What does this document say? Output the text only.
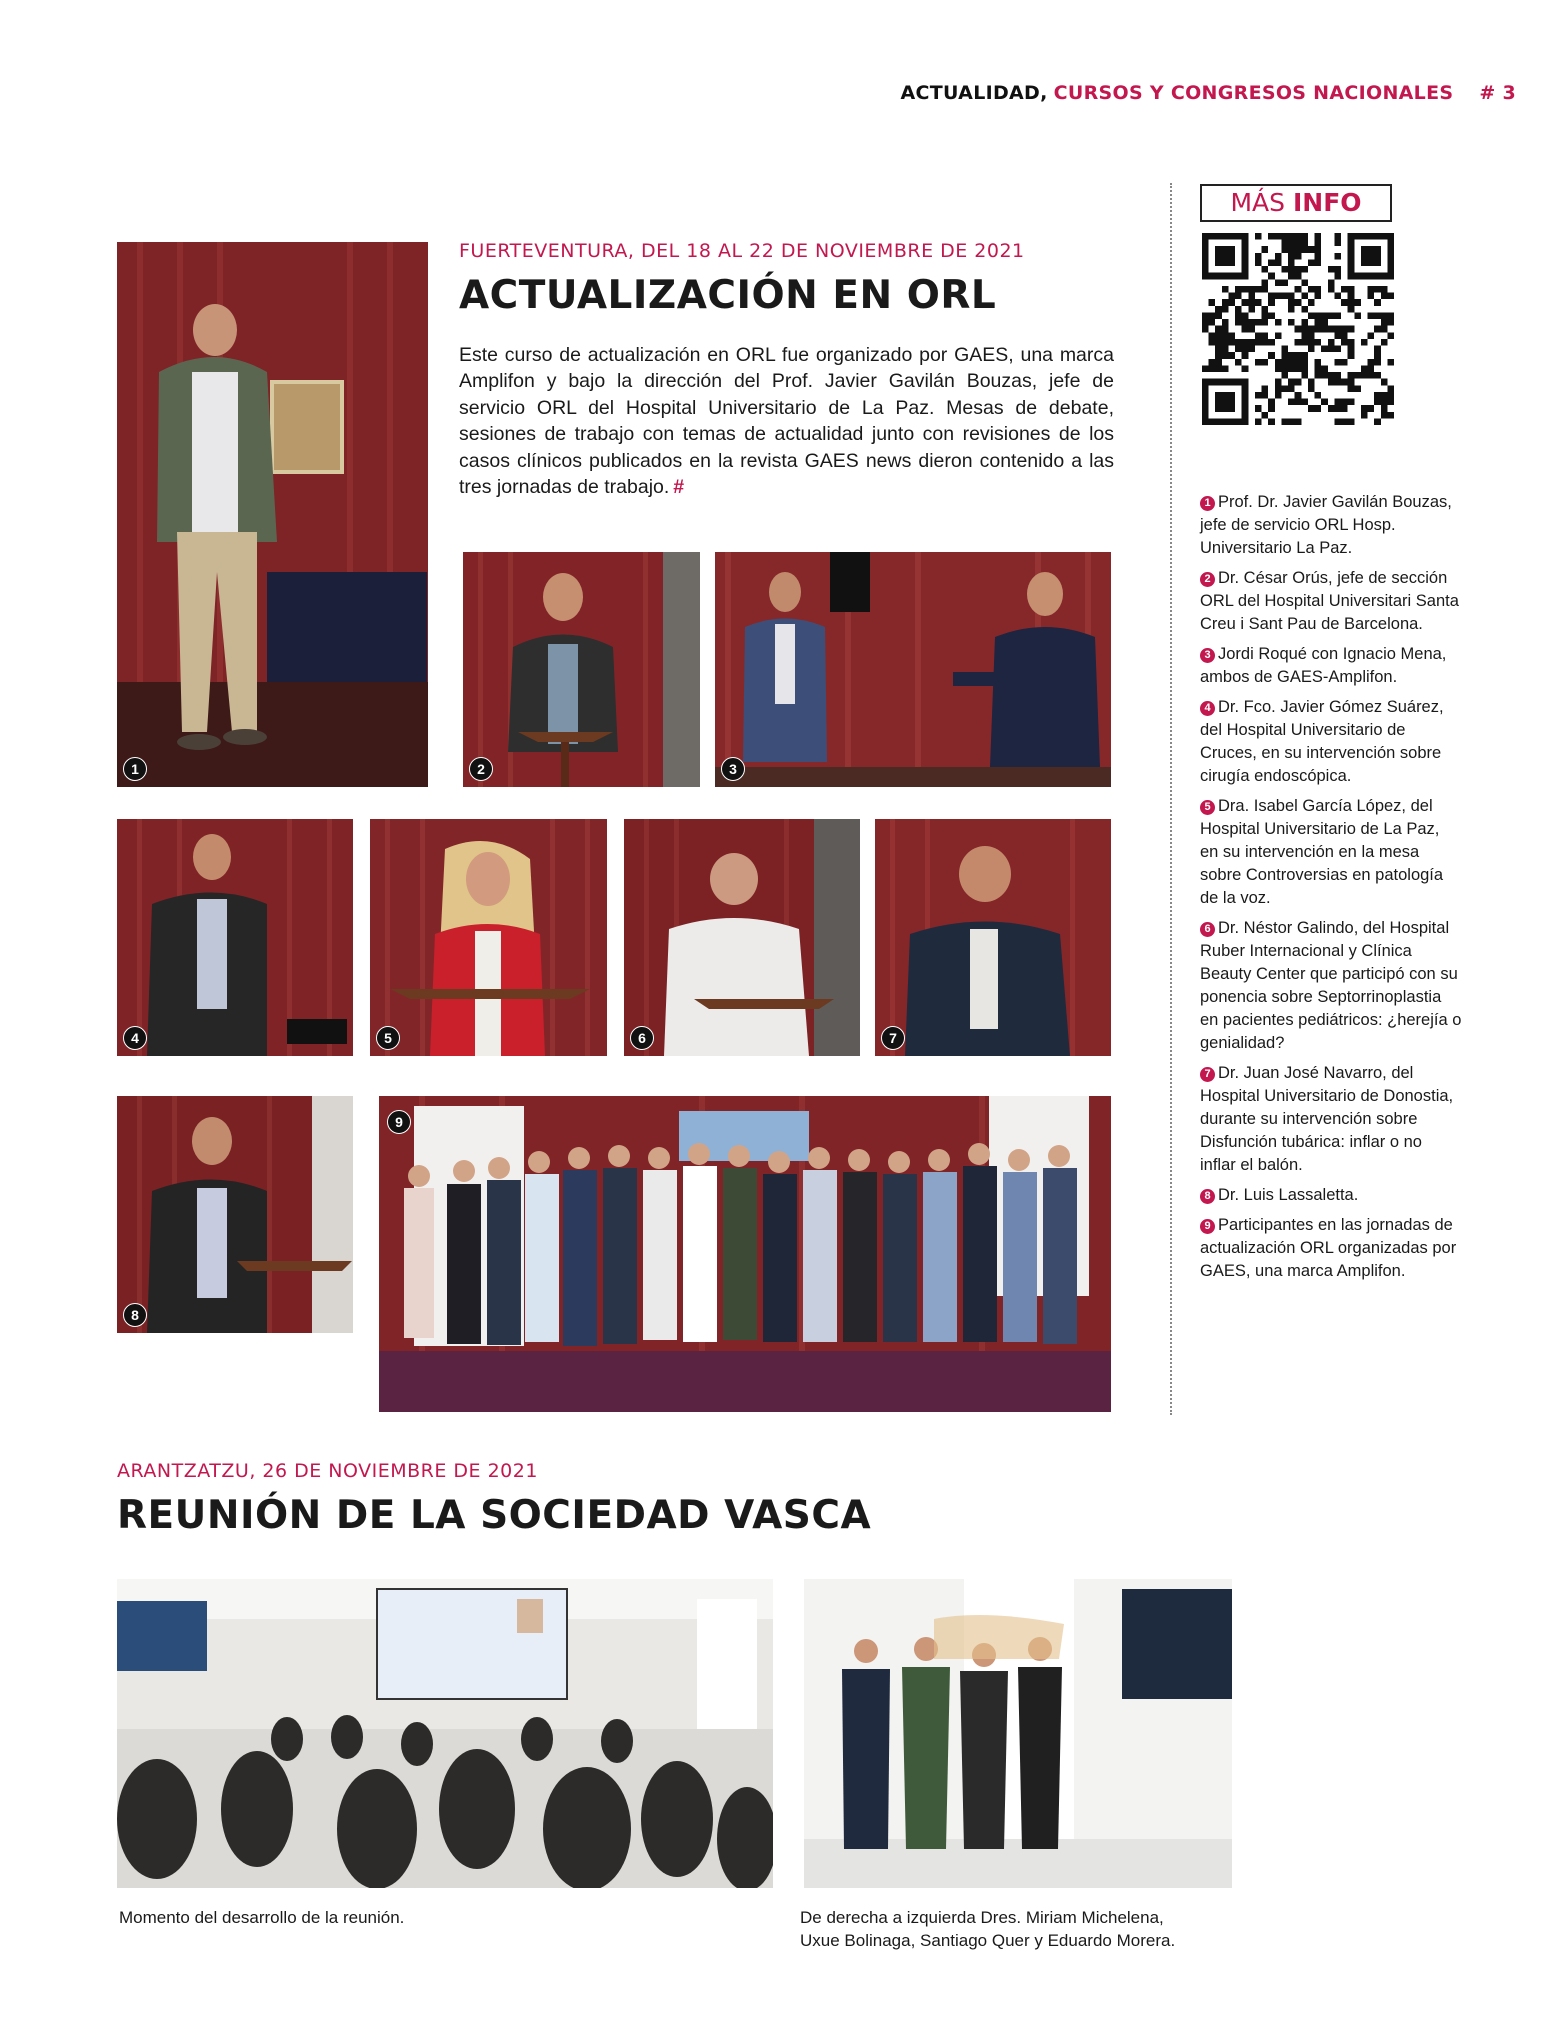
ACTUALIDAD, CURSOS Y CONGRESOS NACIONALES # 3
FUERTEVENTURA, DEL 18 AL 22 DE NOVIEMBRE DE 2021
ACTUALIZACIÓN EN ORL

Este curso de actualización en ORL fue organizado por GAES, una marca Amplifon y bajo la dirección del Prof. Javier Gavilán Bouzas, jefe de servicio ORL del Hospital Universitario de La Paz. Mesas de debate, sesiones de trabajo con temas de actualidad junto con revisiones de los casos clínicos publicados en la revista GAES news dieron contenido a las tres jornadas de trabajo. #

1	2	3
4	5	6	7
8
9
MÁS INFO
1 Prof. Dr. Javier Gavilán Bouzas, jefe de servicio ORL Hosp. Universitario La Paz.
2 Dr. César Orús, jefe de sección ORL del Hospital Universitari Santa Creu i Sant Pau de Barcelona.
3 Jordi Roqué con Ignacio Mena, ambos de GAES-Amplifon.
4 Dr. Fco. Javier Gómez Suárez, del Hospital Universitario de Cruces, en su intervención sobre cirugía endoscópica.
5 Dra. Isabel García López, del Hospital Universitario de La Paz, en su intervención en la mesa sobre Controversias en patología de la voz.
6 Dr. Néstor Galindo, del Hospital Ruber Internacional y Clínica Beauty Center que participó con su ponencia sobre Septorrinoplastia en pacientes pediátricos: ¿herejía o genialidad?
7 Dr. Juan José Navarro, del Hospital Universitario de Donostia, durante su intervención sobre Disfunción tubárica: inflar o no inflar el balón.
8 Dr. Luis Lassaletta.
9 Participantes en las jornadas de actualización ORL organizadas por GAES, una marca Amplifon.
ARANTZATZU, 26 DE NOVIEMBRE DE 2021
REUNIÓN DE LA SOCIEDAD VASCA
Momento del desarrollo de la reunión.	De derecha a izquierda Dres. Miriam Michelena,
Uxue Bolinaga, Santiago Quer y Eduardo Morera.
